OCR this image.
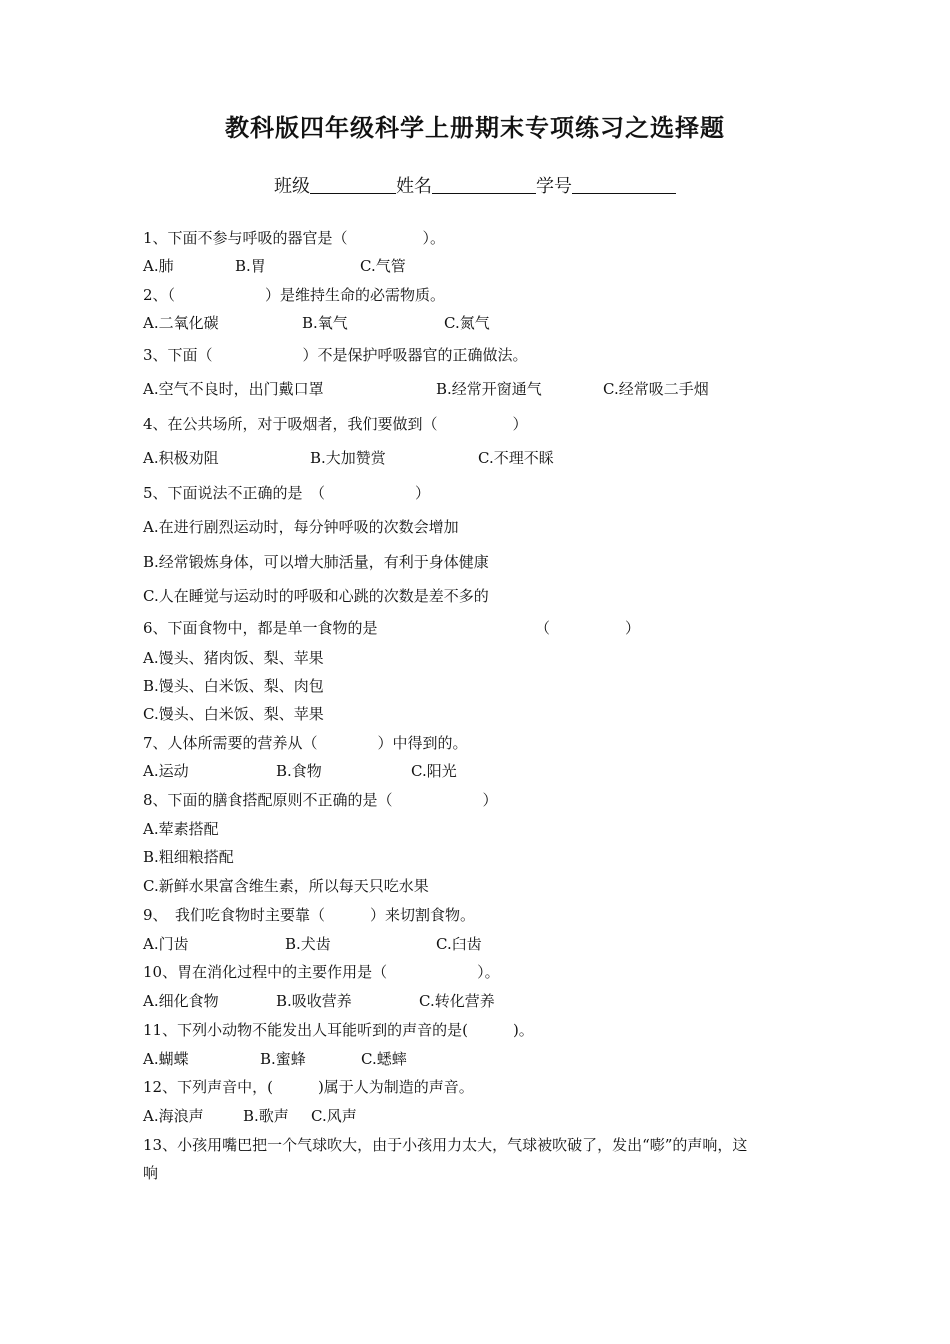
教科版四年级科学上册期末专项练习之选择题
班级	姓名	学号
1、下面不参与呼吸的器官是（　　　　　）。
A.肺	B.胃	C.气管
2、（　　　　　　）是维持生命的必需物质。
A.二氧化碳	B.氧气	C.氮气
3、下面（　　　　　　）不是保护呼吸器官的正确做法。
A.空气不良时，出门戴口罩	B.经常开窗通气	C.经常吸二手烟
4、在公共场所，对于吸烟者，我们要做到（　　　　　）
A.积极劝阻	B.大加赞赏	C.不理不睬
5、下面说法不正确的是　（　　　　　　）
A.在进行剧烈运动时，每分钟呼吸的次数会增加
B.经常锻炼身体，可以增大肺活量，有利于身体健康
C.人在睡觉与运动时的呼吸和心跳的次数是差不多的
6、下面食物中，都是单一食物的是　　　　　　　　　　　（　　　　　）
A.馒头、猪肉饭、梨、苹果
B.馒头、白米饭、梨、肉包
C.馒头、白米饭、梨、苹果
7、人体所需要的营养从（　　　　）中得到的。
A.运动	B.食物	C.阳光
8、下面的膳食搭配原则不正确的是（　　　　　　）
A.荤素搭配
B.粗细粮搭配
C.新鲜水果富含维生素，所以每天只吃水果
9、　我们吃食物时主要靠（　　　）来切割食物。
A.门齿	B.犬齿	C.臼齿
10、胃在消化过程中的主要作用是（　　　　　　）。
A.细化食物	B.吸收营养	C.转化营养
11、下列小动物不能发出人耳能听到的声音的是(　　　)。
A.蝴蝶	B.蜜蜂	C.蟋蟀
12、下列声音中，(　　　)属于人为制造的声音。
A.海浪声	B.歌声 C.风声
13、小孩用嘴巴把一个气球吹大，由于小孩用力太大，气球被吹破了，发出“嘭”的声响，这
响
